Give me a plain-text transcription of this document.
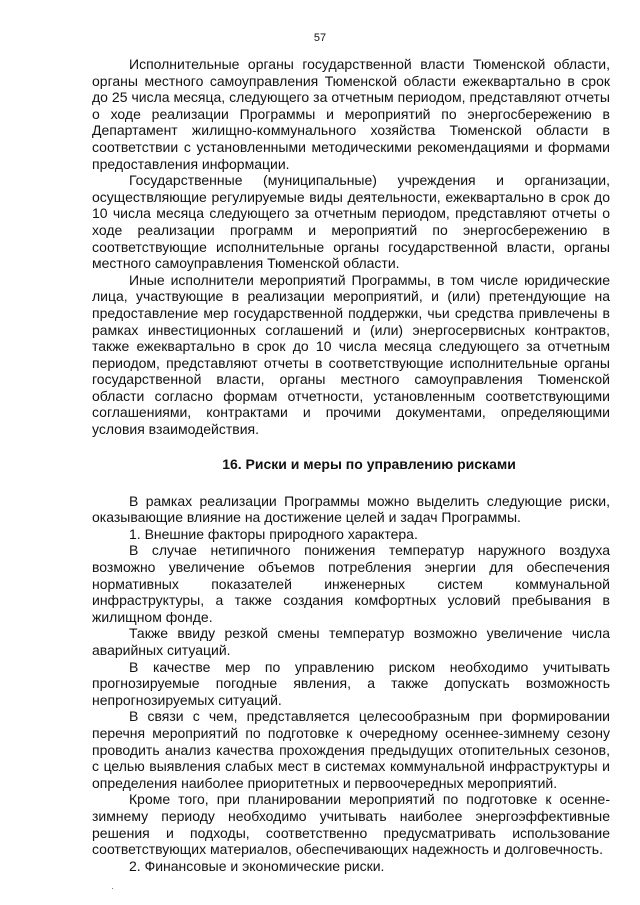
57

Исполнительные органы государственной власти Тюменской области, органы местного самоуправления Тюменской области ежеквартально в срок до 25 числа месяца, следующего за отчетным периодом, представляют отчеты о ходе реализации Программы и мероприятий по энергосбережению в Департамент жилищно-коммунального хозяйства Тюменской области в соответствии с установленными методическими рекомендациями и формами предоставления информации.

Государственные (муниципальные) учреждения и организации, осуществляющие регулируемые виды деятельности, ежеквартально в срок до 10 числа месяца следующего за отчетным периодом, представляют отчеты о ходе реализации программ и мероприятий по энергосбережению в соответствующие исполнительные органы государственной власти, органы местного самоуправления Тюменской области.

Иные исполнители мероприятий Программы, в том числе юридические лица, участвующие в реализации мероприятий, и (или) претендующие на предоставление мер государственной поддержки, чьи средства привлечены в рамках инвестиционных соглашений и (или) энергосервисных контрактов, также ежеквартально в срок до 10 числа месяца следующего за отчетным периодом, представляют отчеты в соответствующие исполнительные органы государственной власти, органы местного самоуправления Тюменской области согласно формам отчетности, установленным соответствующими соглашениями, контрактами и прочими документами, определяющими условия взаимодействия.

16. Риски и меры по управлению рисками

В рамках реализации Программы можно выделить следующие риски, оказывающие влияние на достижение целей и задач Программы.

1. Внешние факторы природного характера.

В случае нетипичного понижения температур наружного воздуха возможно увеличение объемов потребления энергии для обеспечения нормативных показателей инженерных систем коммунальной инфраструктуры, а также создания комфортных условий пребывания в жилищном фонде.

Также ввиду резкой смены температур возможно увеличение числа аварийных ситуаций.

В качестве мер по управлению риском необходимо учитывать прогнозируемые погодные явления, а также допускать возможность непрогнозируемых ситуаций.

В связи с чем, представляется целесообразным при формировании перечня мероприятий по подготовке к очередному осеннее-зимнему сезону проводить анализ качества прохождения предыдущих отопительных сезонов, с целью выявления слабых мест в системах коммунальной инфраструктуры и определения наиболее приоритетных и первоочередных мероприятий.

Кроме того, при планировании мероприятий по подготовке к осенне-зимнему периоду необходимо учитывать наиболее энергоэффективные решения и подходы, соответственно предусматривать использование соответствующих материалов, обеспечивающих надежность и долговечность.

2. Финансовые и экономические риски.
